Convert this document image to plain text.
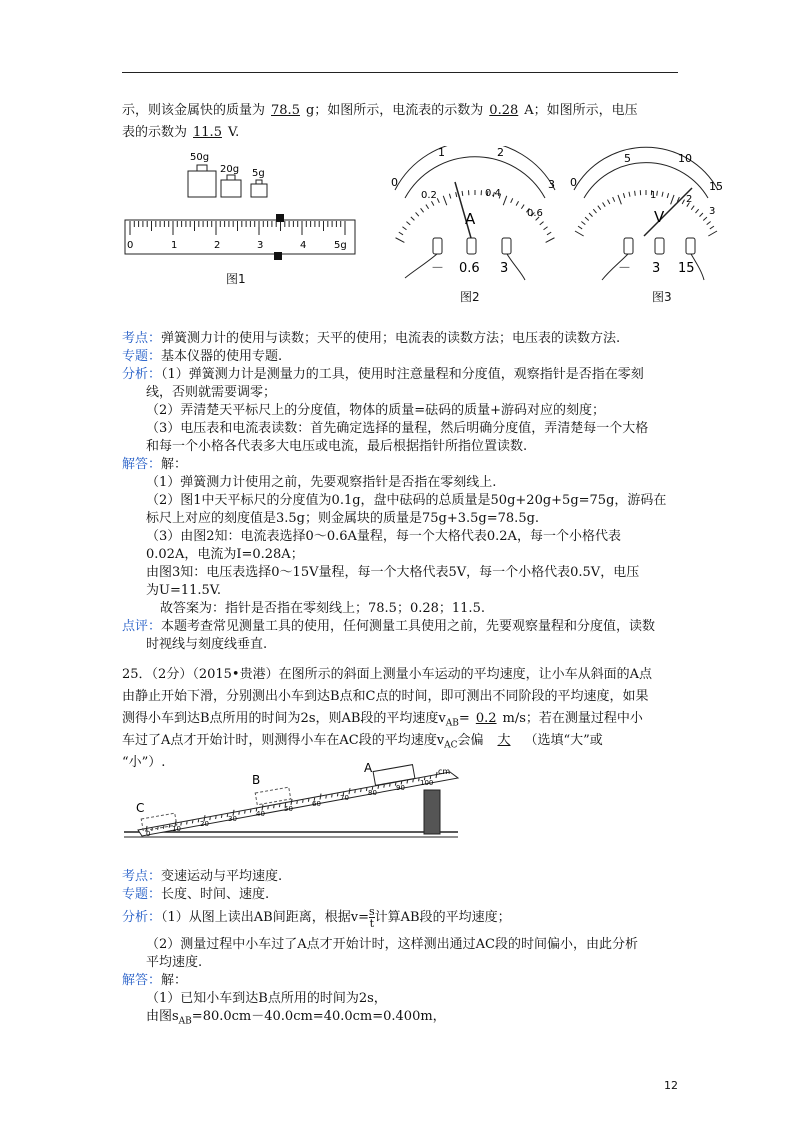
示，则该金属快的质量为 78.5 g；如图所示，电流表的示数为 0.28 A；如图所示，电压
表的示数为 11.5 V.
50g
20g 5g
0	1	2	3	4	5g
图1
1	2
0	3
0.2	0.4
0.6
A
－ 0.6 3
图2
5	10
0	15
3
1	2
V
－ 3 15
图3
考点：弹簧测力计的使用与读数；天平的使用；电流表的读数方法；电压表的读数方法.
专题：基本仪器的使用专题.
分析：（1）弹簧测力计是测量力的工具，使用时注意量程和分度值，观察指针是否指在零刻
线，否则就需要调零；
（2）弄清楚天平标尺上的分度值，物体的质量=砝码的质量+游码对应的刻度；
（3）电压表和电流表读数：首先确定选择的量程，然后明确分度值，弄清楚每一个大格
和每一个小格各代表多大电压或电流，最后根据指针所指位置读数.
解答：解：
（1）弹簧测力计使用之前，先要观察指针是否指在零刻线上.
（2）图1中天平标尺的分度值为0.1g，盘中砝码的总质量是50g+20g+5g=75g，游码在
标尺上对应的刻度值是3.5g；则金属块的质量是75g+3.5g=78.5g.
（3）由图2知：电流表选择0～0.6A量程，每一个大格代表0.2A，每一个小格代表
0.02A，电流为I=0.28A；
由图3知：电压表选择0～15V量程，每一个大格代表5V，每一个小格代表0.5V，电压
为U=11.5V.
故答案为：指针是否指在零刻线上；78.5；0.28；11.5.
点评：本题考查常见测量工具的使用，任何测量工具使用之前，先要观察量程和分度值，读数
时视线与刻度线垂直.
25．（2分）（2015•贵港）在图所示的斜面上测量小车运动的平均速度，让小车从斜面的A点
由静止开始下滑，分别测出小车到达B点和C点的时间，即可测出不同阶段的平均速度，如果
测得小车到达B点所用的时间为2s，则AB段的平均速度$v_{AB}= 0.2$ m/s；若在测量过程中小
车过了A点才开始计时，则测得小车在AC段的平均速度$v_{AC}$会偏 大 （选填“大”或
“小”）.	A
B
C
cm
0
10
20
30
40
50
60
70
80
90
100
考点：变速运动与平均速度.
专题：长度、时间、速度.
分析：（1）从图上读出AB间距离，根据$v= \frac{s}{t}$ 计算AB段的平均速度；
（2）测量过程中小车过了A点才开始计时，这样测出通过AC段的时间偏小，由此分析
平均速度.
解答：解：
（1）已知小车到达B点所用的时间为2s，
由图$s_{AB}=80.0cm-40.0cm=40.0cm=0.400m$，
12
